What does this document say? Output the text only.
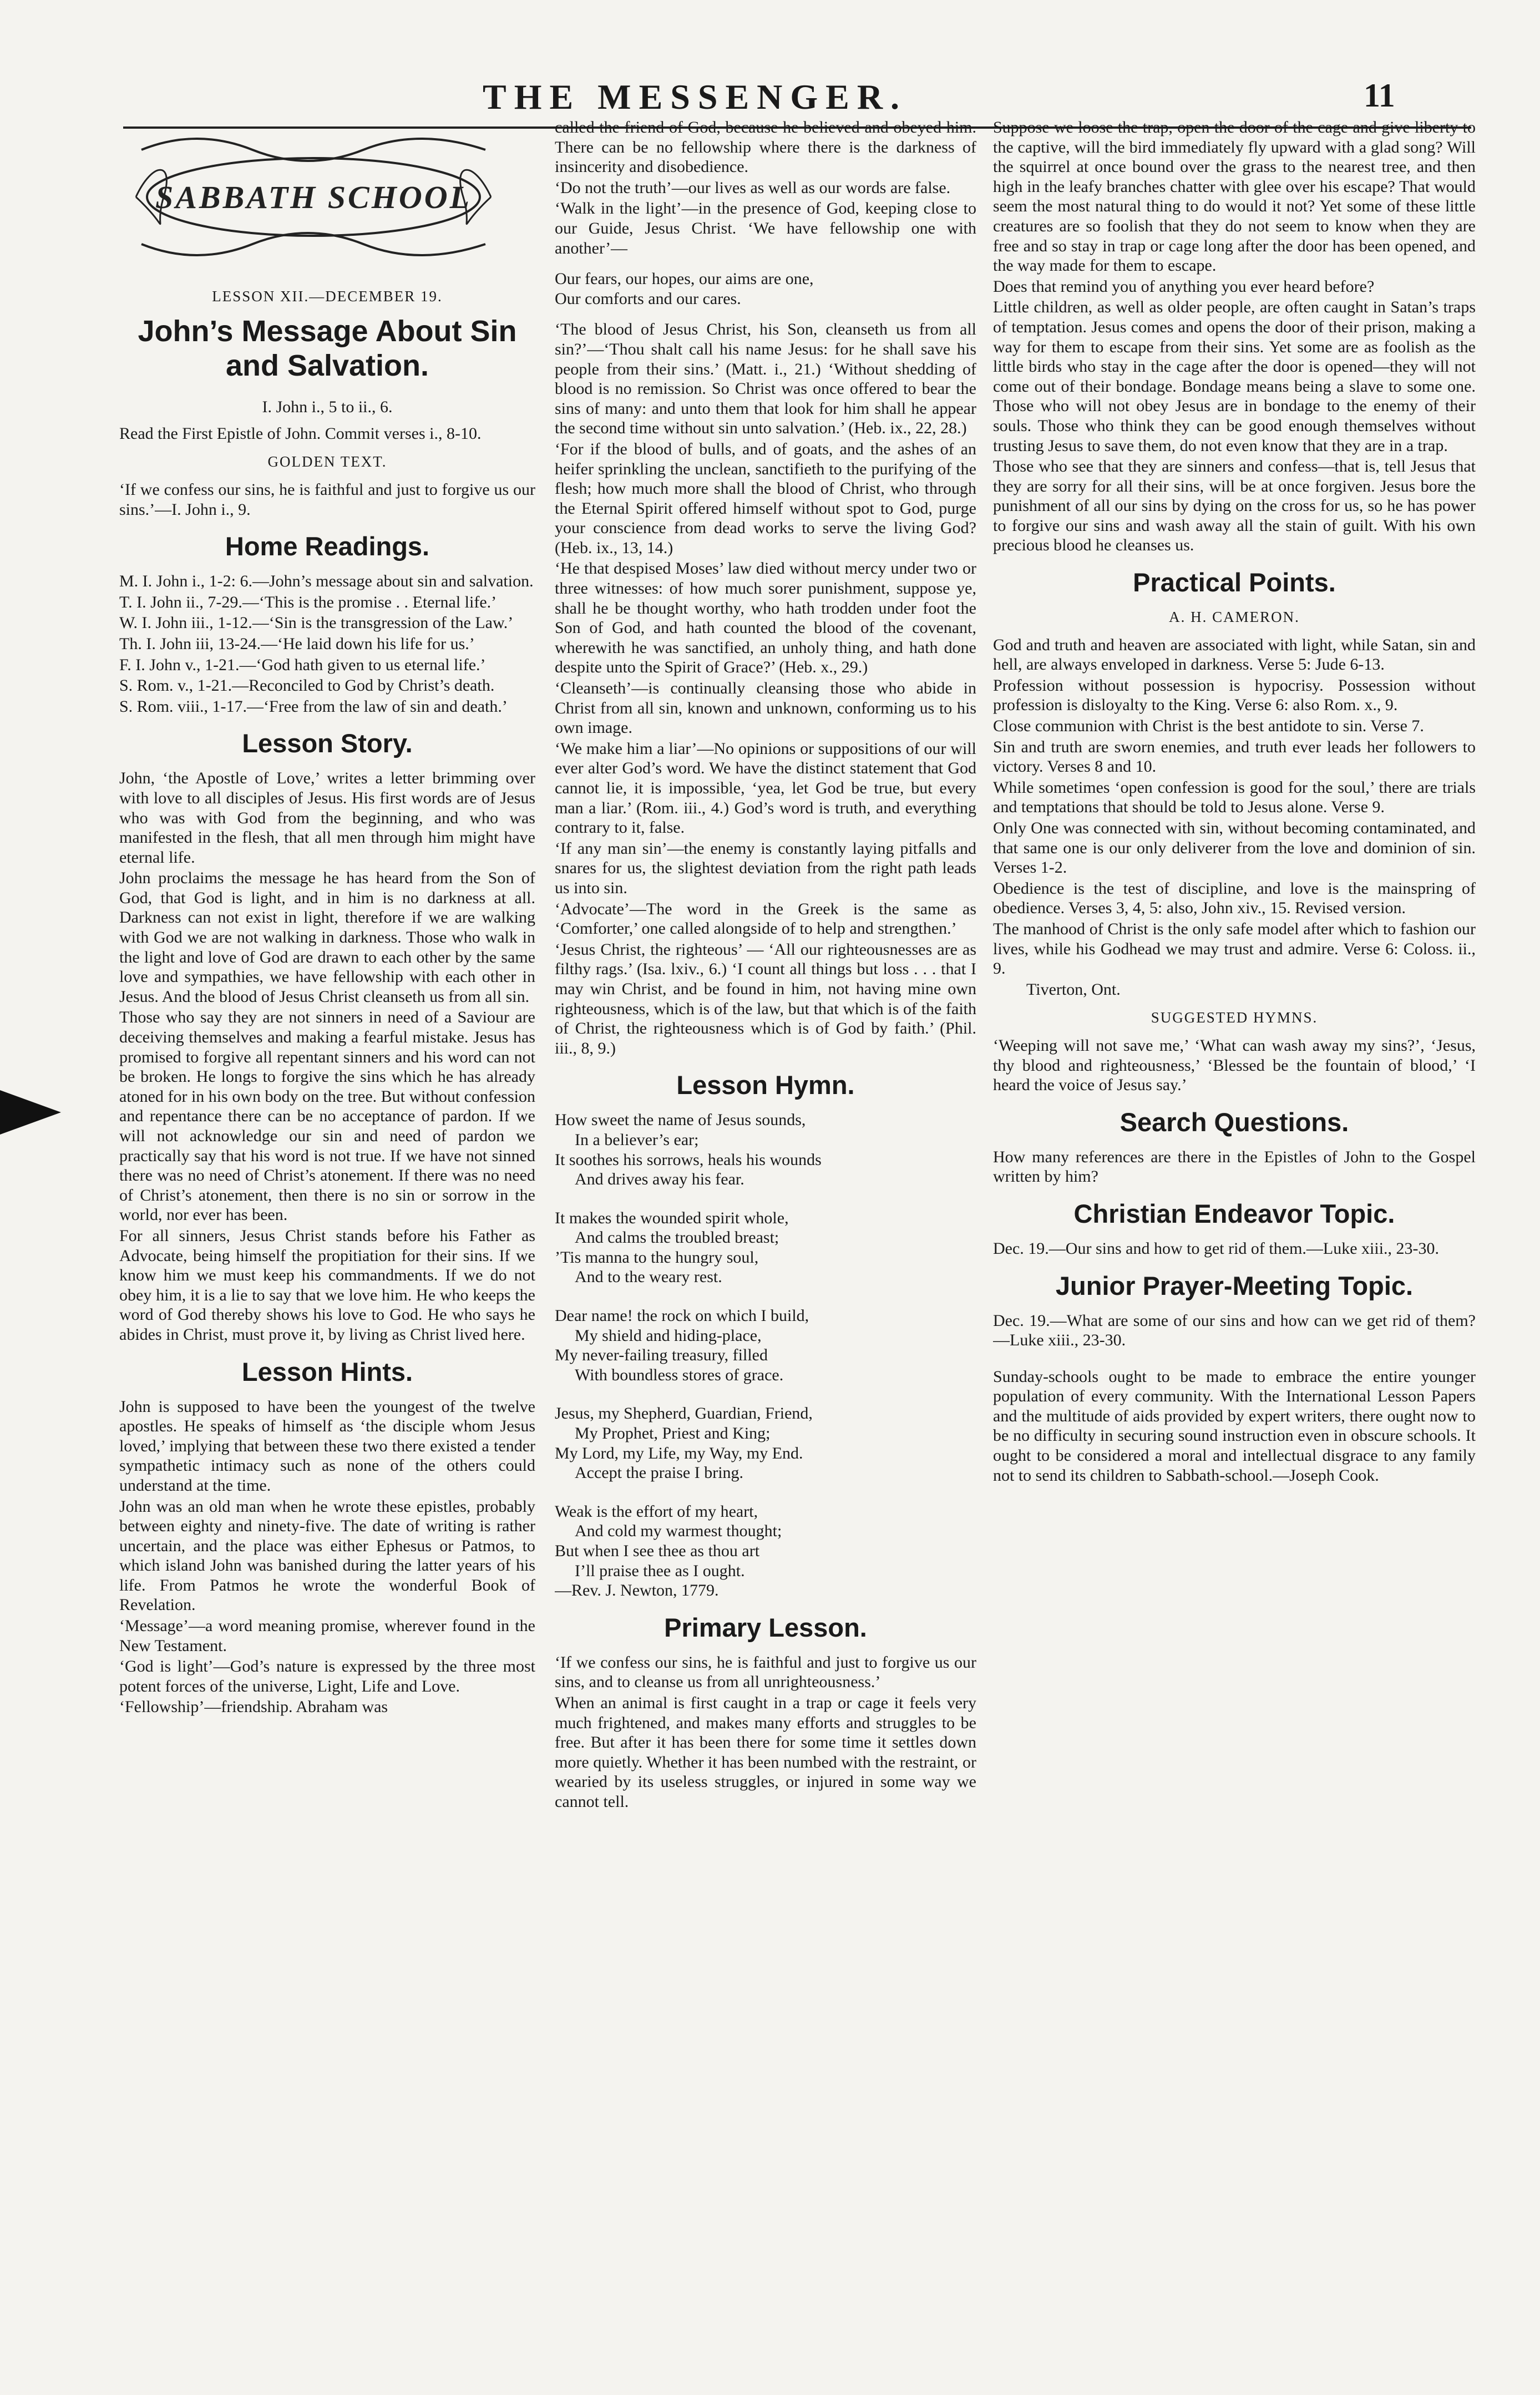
THE MESSENGER.	11
SABBATH SCHOOL
LESSON XII.—DECEMBER 19.
John’s Message About Sin and Salvation.
I. John i., 5 to ii., 6.

Read the First Epistle of John. Commit verses i., 8-10.

GOLDEN TEXT.

‘If we confess our sins, he is faithful and just to forgive us our sins.’—I. John i., 9.

Home Readings.

M. I. John i., 1-2: 6.—John’s message about sin and salvation.

T. I. John ii., 7-29.—‘This is the promise . . Eternal life.’

W. I. John iii., 1-12.—‘Sin is the transgression of the Law.’

Th. I. John iii, 13-24.—‘He laid down his life for us.’

F. I. John v., 1-21.—‘God hath given to us eternal life.’

S. Rom. v., 1-21.—Reconciled to God by Christ’s death.

S. Rom. viii., 1-17.—‘Free from the law of sin and death.’

Lesson Story.

John, ‘the Apostle of Love,’ writes a letter brimming over with love to all disciples of Jesus. His first words are of Jesus who was with God from the beginning, and who was manifested in the flesh, that all men through him might have eternal life.

John proclaims the message he has heard from the Son of God, that God is light, and in him is no darkness at all. Darkness can not exist in light, therefore if we are walking with God we are not walking in darkness. Those who walk in the light and love of God are drawn to each other by the same love and sympathies, we have fellowship with each other in Jesus. And the blood of Jesus Christ cleanseth us from all sin.

Those who say they are not sinners in need of a Saviour are deceiving themselves and making a fearful mistake. Jesus has promised to forgive all repentant sinners and his word can not be broken. He longs to forgive the sins which he has already atoned for in his own body on the tree. But without confession and repentance there can be no acceptance of pardon. If we will not acknowledge our sin and need of pardon we practically say that his word is not true. If we have not sinned there was no need of Christ’s atonement. If there was no need of Christ’s atonement, then there is no sin or sorrow in the world, nor ever has been.

For all sinners, Jesus Christ stands before his Father as Advocate, being himself the propitiation for their sins. If we know him we must keep his commandments. If we do not obey him, it is a lie to say that we love him. He who keeps the word of God thereby shows his love to God. He who says he abides in Christ, must prove it, by living as Christ lived here.

Lesson Hints.

John is supposed to have been the youngest of the twelve apostles. He speaks of himself as ‘the disciple whom Jesus loved,’ implying that between these two there existed a tender sympathetic intimacy such as none of the others could understand at the time.

John was an old man when he wrote these epistles, probably between eighty and ninety-five. The date of writing is rather uncertain, and the place was either Ephesus or Patmos, to which island John was banished during the latter years of his life. From Patmos he wrote the wonderful Book of Revelation.

‘Message’—a word meaning promise, wherever found in the New Testament.

‘God is light’—God’s nature is expressed by the three most potent forces of the universe, Light, Life and Love.

‘Fellowship’—friendship. Abraham was

called the friend of God, because he believed and obeyed him. There can be no fellowship where there is the darkness of insincerity and disobedience.

‘Do not the truth’—our lives as well as our words are false.

‘Walk in the light’—in the presence of God, keeping close to our Guide, Jesus Christ. ‘We have fellowship one with another’—

Our fears, our hopes, our aims are one,

Our comforts and our cares.

‘The blood of Jesus Christ, his Son, cleanseth us from all sin?’—‘Thou shalt call his name Jesus: for he shall save his people from their sins.’ (Matt. i., 21.) ‘Without shedding of blood is no remission. So Christ was once offered to bear the sins of many: and unto them that look for him shall he appear the second time without sin unto salvation.’ (Heb. ix., 22, 28.)

‘For if the blood of bulls, and of goats, and the ashes of an heifer sprinkling the unclean, sanctifieth to the purifying of the flesh; how much more shall the blood of Christ, who through the Eternal Spirit offered himself without spot to God, purge your conscience from dead works to serve the living God? (Heb. ix., 13, 14.)

‘He that despised Moses’ law died without mercy under two or three witnesses: of how much sorer punishment, suppose ye, shall he be thought worthy, who hath trodden under foot the Son of God, and hath counted the blood of the covenant, wherewith he was sanctified, an unholy thing, and hath done despite unto the Spirit of Grace?’ (Heb. x., 29.)

‘Cleanseth’—is continually cleansing those who abide in Christ from all sin, known and unknown, conforming us to his own image.

‘We make him a liar’—No opinions or suppositions of our will ever alter God’s word. We have the distinct statement that God cannot lie, it is impossible, ‘yea, let God be true, but every man a liar.’ (Rom. iii., 4.) God’s word is truth, and everything contrary to it, false.

‘If any man sin’—the enemy is constantly laying pitfalls and snares for us, the slightest deviation from the right path leads us into sin.

‘Advocate’—The word in the Greek is the same as ‘Comforter,’ one called alongside of to help and strengthen.’

‘Jesus Christ, the righteous’ — ‘All our righteousnesses are as filthy rags.’ (Isa. lxiv., 6.) ‘I count all things but loss . . . that I may win Christ, and be found in him, not having mine own righteousness, which is of the law, but that which is of the faith of Christ, the righteousness which is of God by faith.’ (Phil. iii., 8, 9.)

Lesson Hymn.

How sweet the name of Jesus sounds,

In a believer’s ear;

It soothes his sorrows, heals his wounds

And drives away his fear.

It makes the wounded spirit whole,

And calms the troubled breast;

’Tis manna to the hungry soul,

And to the weary rest.

Dear name! the rock on which I build,

My shield and hiding-place,

My never-failing treasury, filled

With boundless stores of grace.

Jesus, my Shepherd, Guardian, Friend,

My Prophet, Priest and King;

My Lord, my Life, my Way, my End.

Accept the praise I bring.

Weak is the effort of my heart,

And cold my warmest thought;

But when I see thee as thou art

I’ll praise thee as I ought.

—Rev. J. Newton, 1779.

Primary Lesson.

‘If we confess our sins, he is faithful and just to forgive us our sins, and to cleanse us from all unrighteousness.’

When an animal is first caught in a trap or cage it feels very much frightened, and makes many efforts and struggles to be free. But after it has been there for some time it settles down more quietly. Whether it has been numbed with the restraint, or wearied by its useless struggles, or injured in some way we cannot tell.

Suppose we loose the trap, open the door of the cage and give liberty to the captive, will the bird immediately fly upward with a glad song? Will the squirrel at once bound over the grass to the nearest tree, and then high in the leafy branches chatter with glee over his escape? That would seem the most natural thing to do would it not? Yet some of these little creatures are so foolish that they do not seem to know when they are free and so stay in trap or cage long after the door has been opened, and the way made for them to escape.

Does that remind you of anything you ever heard before?

Little children, as well as older people, are often caught in Satan’s traps of temptation. Jesus comes and opens the door of their prison, making a way for them to escape from their sins. Yet some are as foolish as the little birds who stay in the cage after the door is opened—they will not come out of their bondage. Bondage means being a slave to some one. Those who will not obey Jesus are in bondage to the enemy of their souls. Those who think they can be good enough themselves without trusting Jesus to save them, do not even know that they are in a trap.

Those who see that they are sinners and confess—that is, tell Jesus that they are sorry for all their sins, will be at once forgiven. Jesus bore the punishment of all our sins by dying on the cross for us, so he has power to forgive our sins and wash away all the stain of guilt. With his own precious blood he cleanses us.

Practical Points.
A. H. CAMERON.

God and truth and heaven are associated with light, while Satan, sin and hell, are always enveloped in darkness. Verse 5: Jude 6-13.

Profession without possession is hypocrisy. Possession without profession is disloyalty to the King. Verse 6: also Rom. x., 9.

Close communion with Christ is the best antidote to sin. Verse 7.

Sin and truth are sworn enemies, and truth ever leads her followers to victory. Verses 8 and 10.

While sometimes ‘open confession is good for the soul,’ there are trials and temptations that should be told to Jesus alone. Verse 9.

Only One was connected with sin, without becoming contaminated, and that same one is our only deliverer from the love and dominion of sin. Verses 1-2.

Obedience is the test of discipline, and love is the mainspring of obedience. Verses 3, 4, 5: also, John xiv., 15. Revised version.

The manhood of Christ is the only safe model after which to fashion our lives, while his Godhead we may trust and admire. Verse 6: Coloss. ii., 9.

Tiverton, Ont.

SUGGESTED HYMNS.

‘Weeping will not save me,’ ‘What can wash away my sins?’, ‘Jesus, thy blood and righteousness,’ ‘Blessed be the fountain of blood,’ ‘I heard the voice of Jesus say.’

Search Questions.

How many references are there in the Epistles of John to the Gospel written by him?

Christian Endeavor Topic.

Dec. 19.—Our sins and how to get rid of them.—Luke xiii., 23-30.

Junior Prayer-Meeting Topic.

Dec. 19.—What are some of our sins and how can we get rid of them?—Luke xiii., 23-30.

Sunday-schools ought to be made to embrace the entire younger population of every community. With the International Lesson Papers and the multitude of aids provided by expert writers, there ought now to be no difficulty in securing sound instruction even in obscure schools. It ought to be considered a moral and intellectual disgrace to any family not to send its children to Sabbath-school.—Joseph Cook.
